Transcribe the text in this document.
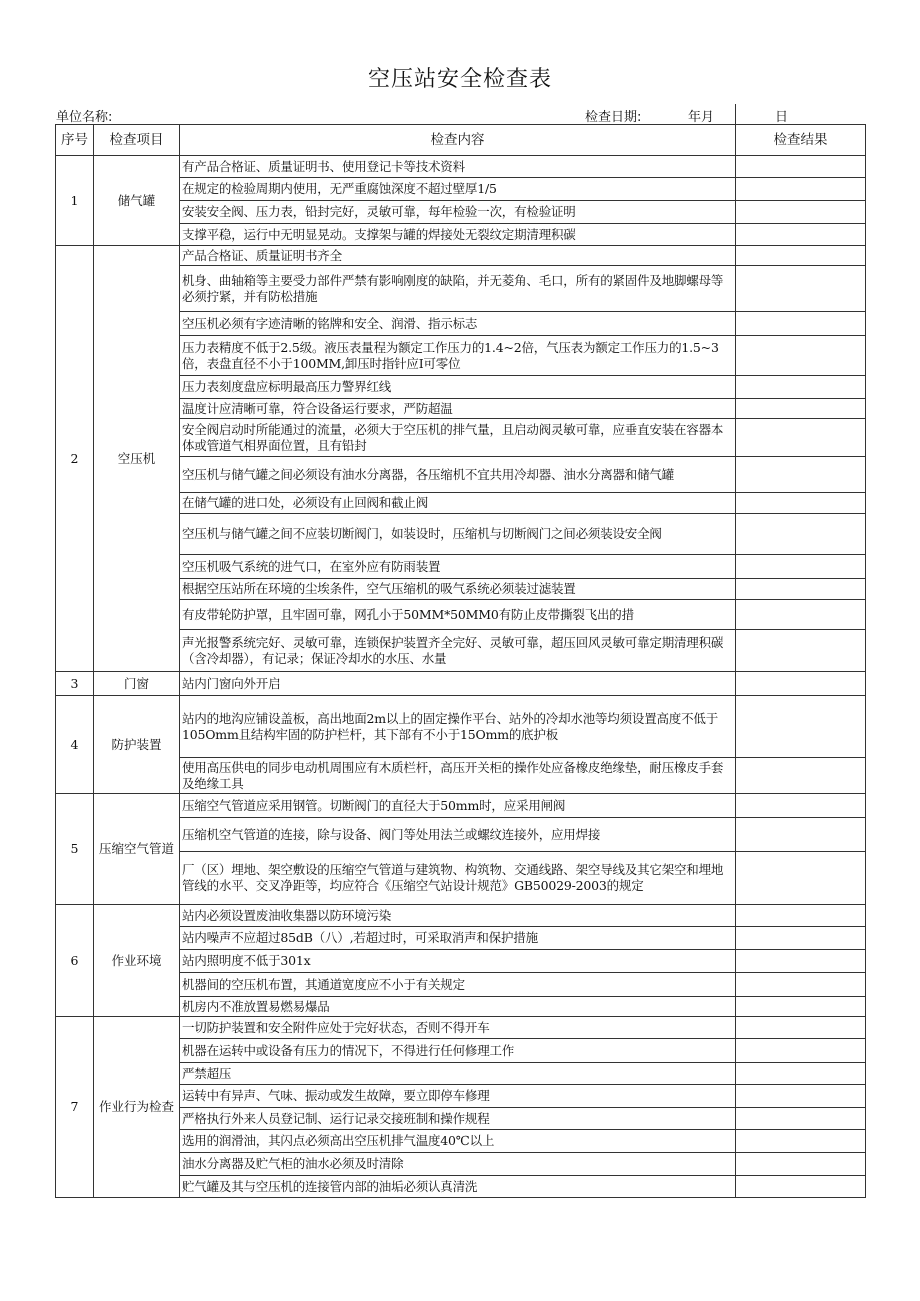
空压站安全检查表
单位名称:	检查日期:	年月	日
序号	检查项目	检查内容	检查结果
1	储气罐	有产品合格证、质量证明书、使用登记卡等技术资料	
		在规定的检验周期内使用，无严重腐蚀深度不超过壁厚1/5	
		安装安全阀、压力表，铅封完好，灵敏可靠，每年检验一次，有检验证明	
		支撑平稳，运行中无明显晃动。支撑架与罐的焊接处无裂纹定期清理积碳	
2	空压机	产品合格证、质量证明书齐全	
		机身、曲轴箱等主要受力部件严禁有影响刚度的缺陷，并无菱角、毛口，所有的紧固件及地脚螺母等必须拧紧，并有防松措施	
		空压机必须有字迹清晰的铭牌和安全、润滑、指示标志	
		压力表精度不低于2.5级。液压表量程为额定工作压力的1.4~2倍，气压表为额定工作压力的1.5~3倍，表盘直径不小于100MM,卸压时指针应I可零位	
		压力表刻度盘应标明最高压力警界红线	
		温度计应清晰可靠，符合设备运行要求，严防超温	
		安全阀启动时所能通过的流量，必须大于空压机的排气量，且启动阀灵敏可靠，应垂直安装在容器本体或管道气相界面位置，且有铅封	
		空压机与储气罐之间必须设有油水分离器，各压缩机不宜共用冷却器、油水分离器和储气罐	
		在储气罐的进口处，必须设有止回阀和截止阀	
		空压机与储气罐之间不应装切断阀门，如装设时，压缩机与切断阀门之间必须装设安全阀	
		空压机吸气系统的进气口，在室外应有防雨装置	
		根据空压站所在环境的尘埃条件，空气压缩机的吸气系统必须装过滤装置	
		有皮带轮防护罩，且牢固可靠，网孔小于50MM*50MM0有防止皮带撕裂飞出的措	
		声光报警系统完好、灵敏可靠，连锁保护装置齐全完好、灵敏可靠，超压回风灵敏可靠定期清理积碳（含冷却器），有记录；保证冷却水的水压、水量	
3	门窗	站内门窗向外开启	
4	防护装置	站内的地沟应铺设盖板，高出地面2m以上的固定操作平台、站外的冷却水池等均须设置高度不低于105Omm且结构牢固的防护栏杆，其下部有不小于15Omm的底护板	
		使用高压供电的同步电动机周围应有木质栏杆，高压开关柜的操作处应备橡皮绝缘垫，耐压橡皮手套及绝缘工具	
5	压缩空气管道	压缩空气管道应采用钢管。切断阀门的直径大于50mm时，应采用闸阀	
		压缩机空气管道的连接，除与设备、阀门等处用法兰或螺纹连接外，应用焊接	
		厂（区）埋地、架空敷设的压缩空气管道与建筑物、构筑物、交通线路、架空导线及其它架空和埋地管线的水平、交叉净距等，均应符合《压缩空气站设计规范》GB50029-2003的规定	
6	作业环境	站内必须设置废油收集器以防环境污染	
		站内噪声不应超过85dB（八）,若超过时，可采取消声和保护措施	
		站内照明度不低于301x	
		机器间的空压机布置，其通道宽度应不小于有关规定	
		机房内不准放置易燃易爆品	
7	作业行为检查	一切防护装置和安全附件应处于完好状态，否则不得开车	
		机器在运转中或设备有压力的情况下，不得进行任何修理工作	
		严禁超压	
		运转中有异声、气味、振动或发生故障，要立即停车修理	
		严格执行外来人员登记制、运行记录交接班制和操作规程	
		选用的润滑油，其闪点必须高出空压机排气温度40℃以上	
		油水分离器及贮气柜的油水必须及时清除	
		贮气罐及其与空压机的连接管内部的油垢必须认真清洗	
